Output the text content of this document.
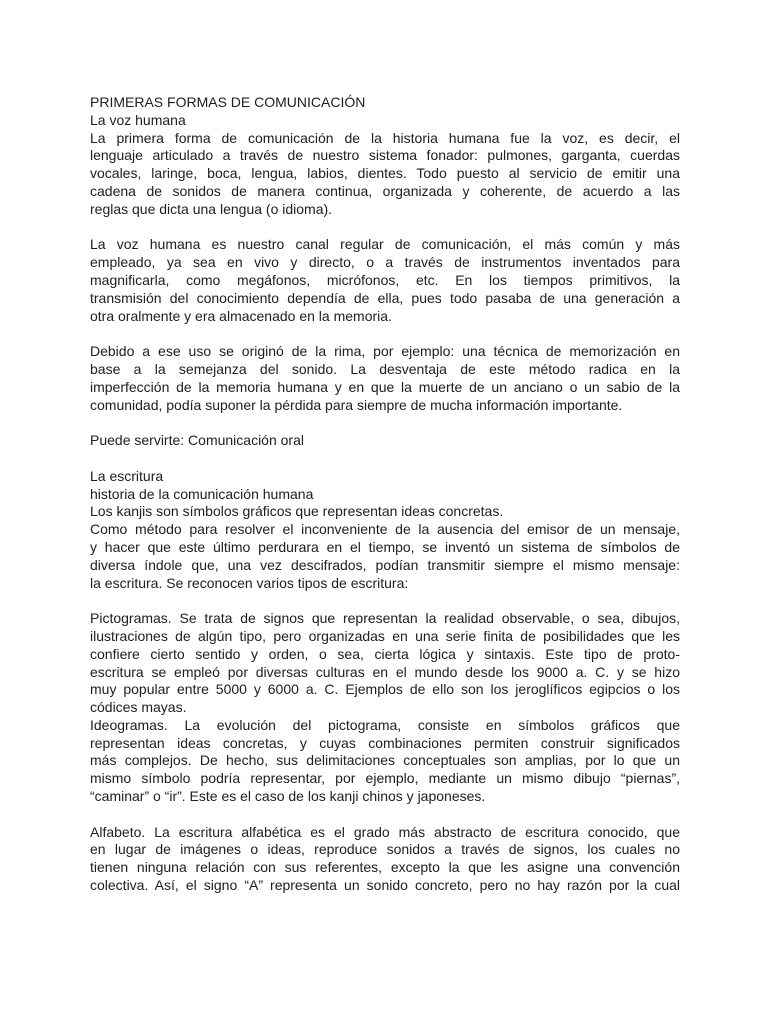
PRIMERAS FORMAS DE COMUNICACIÓN
La voz humana
La primera forma de comunicación de la historia humana fue la voz, es decir, el
lenguaje articulado a través de nuestro sistema fonador: pulmones, garganta, cuerdas
vocales, laringe, boca, lengua, labios, dientes. Todo puesto al servicio de emitir una
cadena de sonidos de manera continua, organizada y coherente, de acuerdo a las
reglas que dicta una lengua (o idioma).
La voz humana es nuestro canal regular de comunicación, el más común y más
empleado, ya sea en vivo y directo, o a través de instrumentos inventados para
magnificarla, como megáfonos, micrófonos, etc. En los tiempos primitivos, la
transmisión del conocimiento dependía de ella, pues todo pasaba de una generación a
otra oralmente y era almacenado en la memoria.
Debido a ese uso se originó de la rima, por ejemplo: una técnica de memorización en
base a la semejanza del sonido. La desventaja de este método radica en la
imperfección de la memoria humana y en que la muerte de un anciano o un sabio de la
comunidad, podía suponer la pérdida para siempre de mucha información importante.
Puede servirte: Comunicación oral
La escritura
historia de la comunicación humana
Los kanjis son símbolos gráficos que representan ideas concretas.
Como método para resolver el inconveniente de la ausencia del emisor de un mensaje,
y hacer que este último perdurara en el tiempo, se inventó un sistema de símbolos de
diversa índole que, una vez descifrados, podían transmitir siempre el mismo mensaje:
la escritura. Se reconocen varios tipos de escritura:
Pictogramas. Se trata de signos que representan la realidad observable, o sea, dibujos,
ilustraciones de algún tipo, pero organizadas en una serie finita de posibilidades que les
confiere cierto sentido y orden, o sea, cierta lógica y sintaxis. Este tipo de proto-
escritura se empleó por diversas culturas en el mundo desde los 9000 a. C. y se hizo
muy popular entre 5000 y 6000 a. C. Ejemplos de ello son los jeroglíficos egipcios o los
códices mayas.
Ideogramas. La evolución del pictograma, consiste en símbolos gráficos que
representan ideas concretas, y cuyas combinaciones permiten construir significados
más complejos. De hecho, sus delimitaciones conceptuales son amplias, por lo que un
mismo símbolo podría representar, por ejemplo, mediante un mismo dibujo “piernas”,
“caminar” o “ir”. Este es el caso de los kanji chinos y japoneses.
Alfabeto. La escritura alfabética es el grado más abstracto de escritura conocido, que
en lugar de imágenes o ideas, reproduce sonidos a través de signos, los cuales no
tienen ninguna relación con sus referentes, excepto la que les asigne una convención
colectiva. Así, el signo “A” representa un sonido concreto, pero no hay razón por la cual
